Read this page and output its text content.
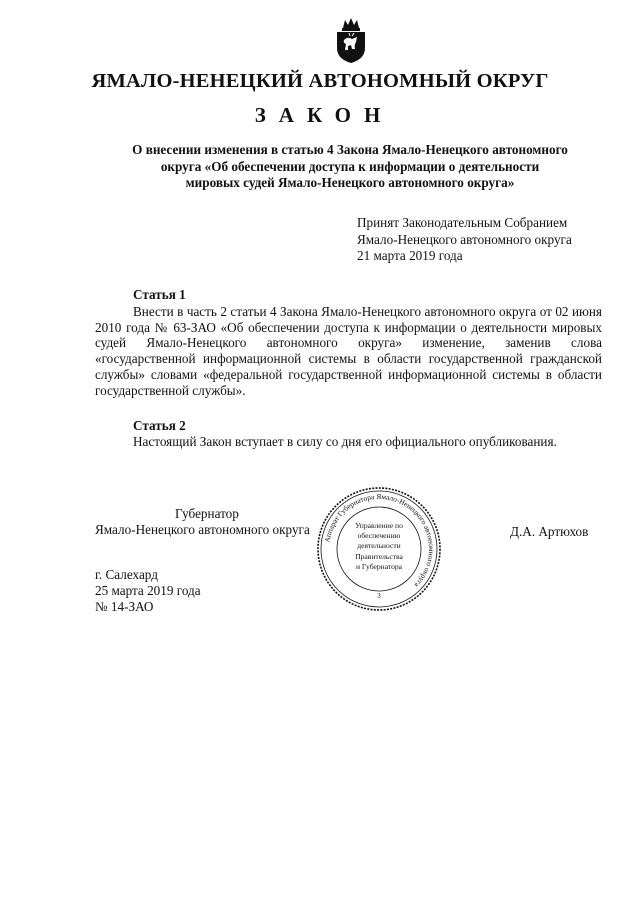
ЯМАЛО-НЕНЕЦКИЙ АВТОНОМНЫЙ ОКРУГ
ЗАКОН
О внесении изменения в статью 4 Закона Ямало-Ненецкого автономного
округа «Об обеспечении доступа к информации о деятельности
мировых судей Ямало-Ненецкого автономного округа»
Принят Законодательным Собранием
Ямало-Ненецкого автономного округа
21 марта 2019 года
Статья 1
Внести в часть 2 статьи 4 Закона Ямало-Ненецкого автономного округа от 02 июня 2010 года № 63-ЗАО «Об обеспечении доступа к информации о деятельности мировых судей Ямало-Ненецкого автономного округа» изменение, заменив слова «государственной информационной системы в области государственной гражданской службы» словами «федеральной государственной информационной системы в области государственной службы».
Статья 2
Настоящий Закон вступает в силу со дня его официального опубликования.
Губернатор
Ямало-Ненецкого автономного округа	Д.А. Артюхов
Аппарат Губернатора Ямало-Ненецкого автономного округа
3
Управление по
обеспечению
деятельности
Правительства
и Губернатора
г. Салехард
25 марта 2019 года
№ 14-ЗАО
